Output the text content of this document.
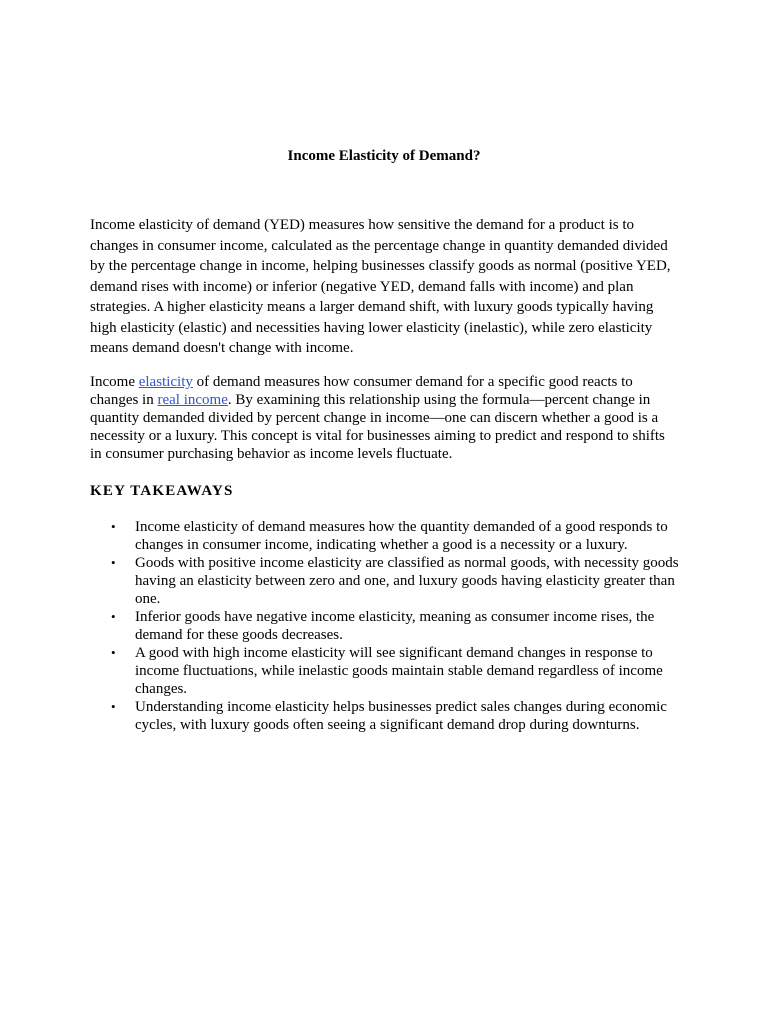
Income Elasticity of Demand?

Income elasticity of demand (YED) measures how sensitive the demand for a product is to changes in consumer income, calculated as the percentage change in quantity demanded divided by the percentage change in income, helping businesses classify goods as normal (positive YED, demand rises with income) or inferior (negative YED, demand falls with income) and plan strategies. A higher elasticity means a larger demand shift, with luxury goods typically having high elasticity (elastic) and necessities having lower elasticity (inelastic), while zero elasticity means demand doesn't change with income.

Income elasticity of demand measures how consumer demand for a specific good reacts to changes in real income. By examining this relationship using the formula—percent change in quantity demanded divided by percent change in income—one can discern whether a good is a necessity or a luxury. This concept is vital for businesses aiming to predict and respond to shifts in consumer purchasing behavior as income levels fluctuate.

KEY TAKEAWAYS
• Income elasticity of demand measures how the quantity demanded of a good responds to changes in consumer income, indicating whether a good is a necessity or a luxury.
• Goods with positive income elasticity are classified as normal goods, with necessity goods having an elasticity between zero and one, and luxury goods having elasticity greater than one.
• Inferior goods have negative income elasticity, meaning as consumer income rises, the demand for these goods decreases.
• A good with high income elasticity will see significant demand changes in response to income fluctuations, while inelastic goods maintain stable demand regardless of income changes.
• Understanding income elasticity helps businesses predict sales changes during economic cycles, with luxury goods often seeing a significant demand drop during downturns.
